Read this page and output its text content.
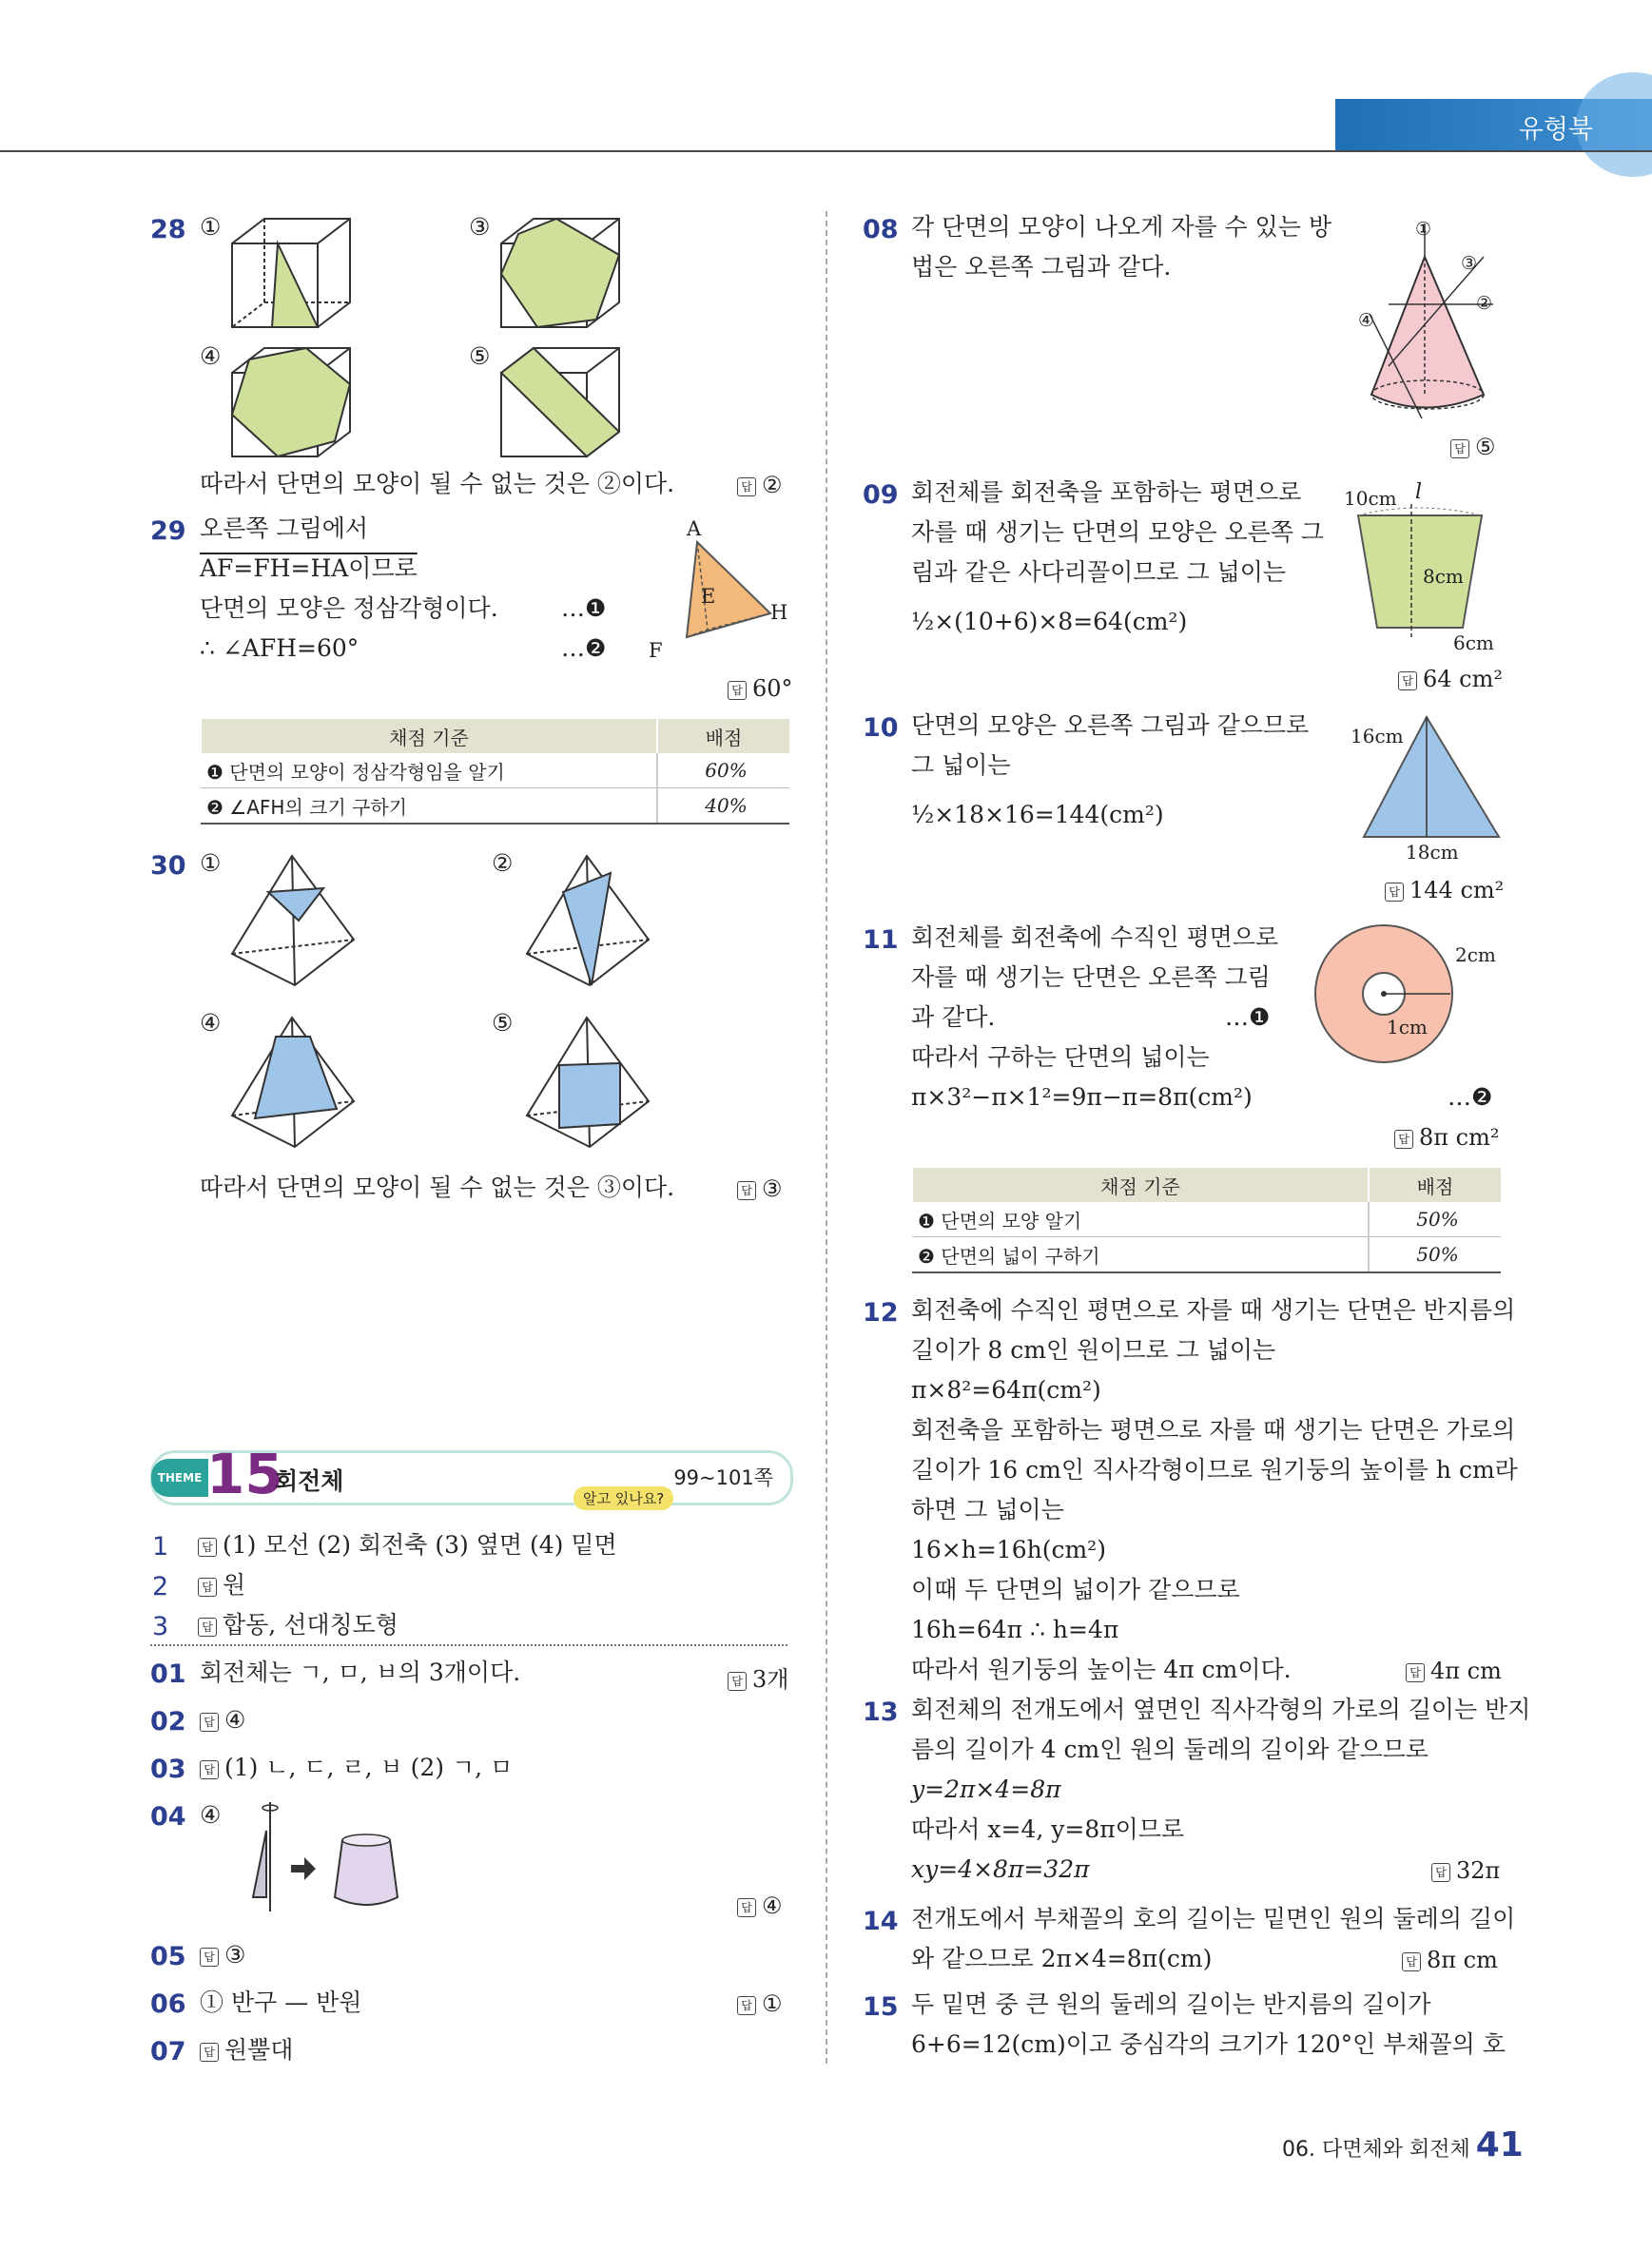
유형북
28 ①	③
④	⑤
따라서 단면의 모양이 될 수 없는 것은 ②이다.	답 ②
29 오른쪽 그림에서
AF=FH=HA이므로
단면의 모양은 정삼각형이다.
∴ ∠AFH=60°
…❶
…❷
A
E
H
F
답 60°
채점 기준	배점
❶ 단면의 모양이 정삼각형임을 알기	60%
❷ ∠AFH의 크기 구하기	40%
30 ①	②
④	⑤
따라서 단면의 모양이 될 수 없는 것은 ③이다.	답 ③
THEME 15
회전체	99~101쪽
알고 있나요?
1	답 (1) 모선 (2) 회전축 (3) 옆면 (4) 밑면
2	답 원
3	답 합동, 선대칭도형
01 회전체는 ㄱ, ㅁ, ㅂ의 3개이다.	답 3개
02	답 ④
03	답 (1) ㄴ, ㄷ, ㄹ, ㅂ (2) ㄱ, ㅁ
04 ④
답 ④
05	답 ③
06 ① 반구 — 반원	답 ①
07	답 원뿔대
08 각 단면의 모양이 나오게 자를 수 있는 방
법은 오른쪽 그림과 같다.
①
③
②
④
답 ⑤
09 회전체를 회전축을 포함하는 평면으로
자를 때 생기는 단면의 모양은 오른쪽 그
림과 같은 사다리꼴이므로 그 넓이는
½×(10+6)×8=64(cm²)
10cm l
8cm
6cm
답 64 cm²
10 단면의 모양은 오른쪽 그림과 같으므로
그 넓이는
½×18×16=144(cm²)
16cm
18cm
답 144 cm²
11 회전체를 회전축에 수직인 평면으로
자를 때 생기는 단면은 오른쪽 그림
과 같다.
따라서 구하는 단면의 넓이는
π×3²−π×1²=9π−π=8π(cm²)
…❶
…❷
2cm
1cm
답 8π cm²
채점 기준	배점
❶ 단면의 모양 알기	50%
❷ 단면의 넓이 구하기	50%
12 회전축에 수직인 평면으로 자를 때 생기는 단면은 반지름의
길이가 8 cm인 원이므로 그 넓이는
π×8²=64π(cm²)
회전축을 포함하는 평면으로 자를 때 생기는 단면은 가로의
길이가 16 cm인 직사각형이므로 원기둥의 높이를 h cm라
하면 그 넓이는
16×h=16h(cm²)
이때 두 단면의 넓이가 같으므로
16h=64π ∴ h=4π
따라서 원기둥의 높이는 4π cm이다.	답 4π cm
13 회전체의 전개도에서 옆면인 직사각형의 가로의 길이는 반지
름의 길이가 4 cm인 원의 둘레의 길이와 같으므로
y=2π×4=8π
따라서 x=4, y=8π이므로
xy=4×8π=32π	답 32π
14 전개도에서 부채꼴의 호의 길이는 밑면인 원의 둘레의 길이
와 같으므로 2π×4=8π(cm)	답 8π cm
15 두 밑면 중 큰 원의 둘레의 길이는 반지름의 길이가
6+6=12(cm)이고 중심각의 크기가 120°인 부채꼴의 호
06. 다면체와 회전체 41
